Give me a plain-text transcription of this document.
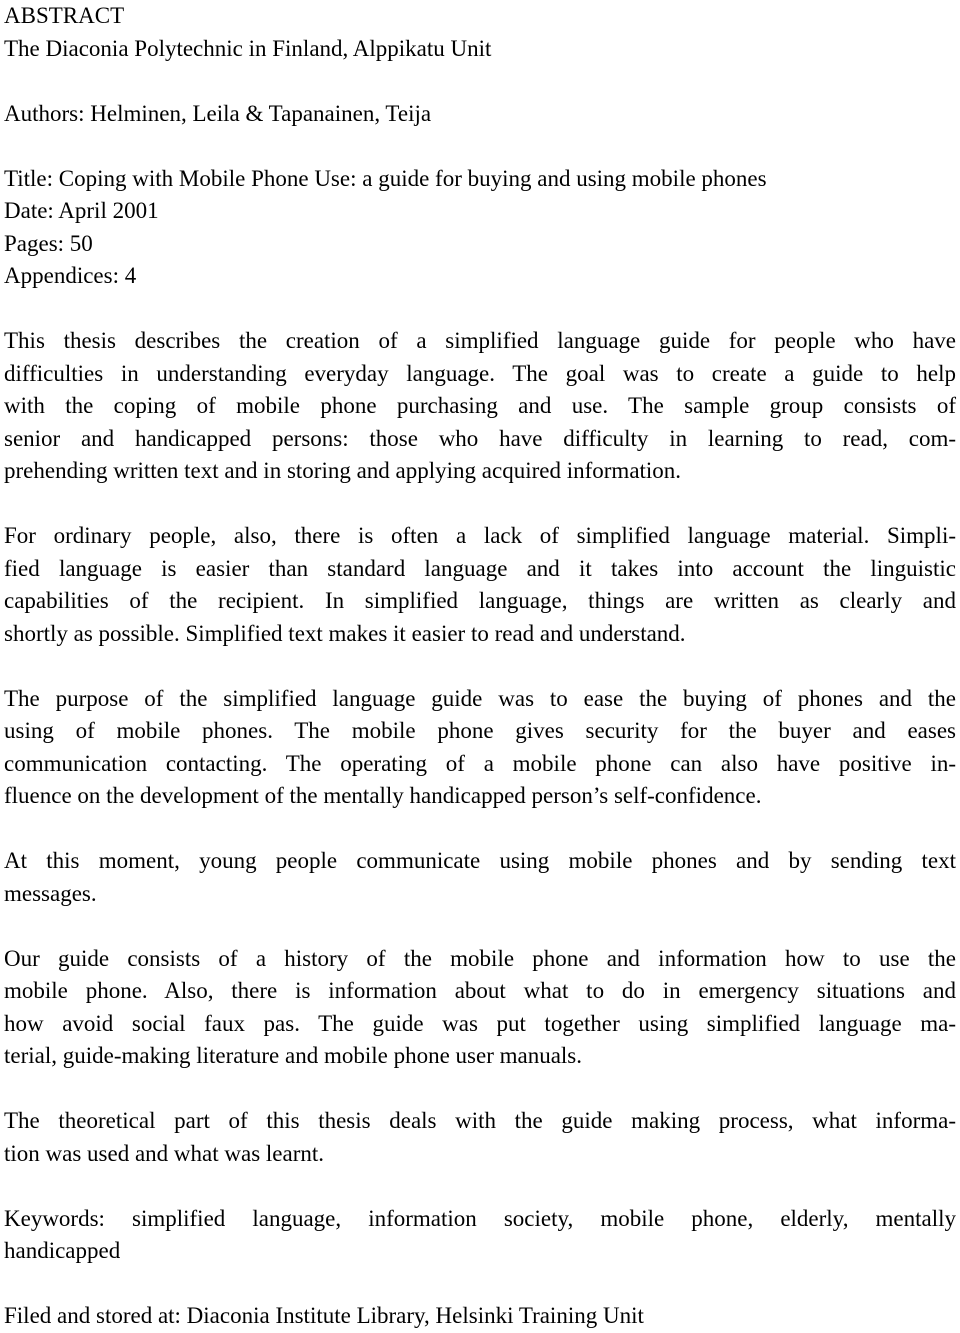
ABSTRACT
The Diaconia Polytechnic in Finland, Alppikatu Unit
Authors: Helminen, Leila & Tapanainen, Teija
Title: Coping with Mobile Phone Use: a guide for buying and using mobile phones
Date: April 2001
Pages: 50
Appendices: 4
This thesis describes the creation of a simplified language guide for people who have
difficulties in understanding everyday language. The goal was to create a guide to help
with the coping of mobile phone purchasing and use. The sample group consists of
senior and handicapped persons: those who have difficulty in learning to read, com-
prehending written text and in storing and applying acquired information.
For ordinary people, also, there is often a lack of simplified language material. Simpli-
fied language is easier than standard language and it takes into account the linguistic
capabilities of the recipient. In simplified language, things are written as clearly and
shortly as possible. Simplified text makes it easier to read and understand.
The purpose of the simplified language guide was to ease the buying of phones and the
using of mobile phones. The mobile phone gives security for the buyer and eases
communication contacting. The operating of a mobile phone can also have positive in-
fluence on the development of the mentally handicapped person’s self-confidence.
At this moment, young people communicate using mobile phones and by sending text
messages.
Our guide consists of a history of the mobile phone and information how to use the
mobile phone. Also, there is information about what to do in emergency situations and
how avoid social faux pas. The guide was put together using simplified language ma-
terial, guide-making literature and mobile phone user manuals.
The theoretical part of this thesis deals with the guide making process, what informa-
tion was used and what was learnt.
Keywords: simplified language, information society, mobile phone, elderly, mentally
handicapped
Filed and stored at: Diaconia Institute Library, Helsinki Training Unit
